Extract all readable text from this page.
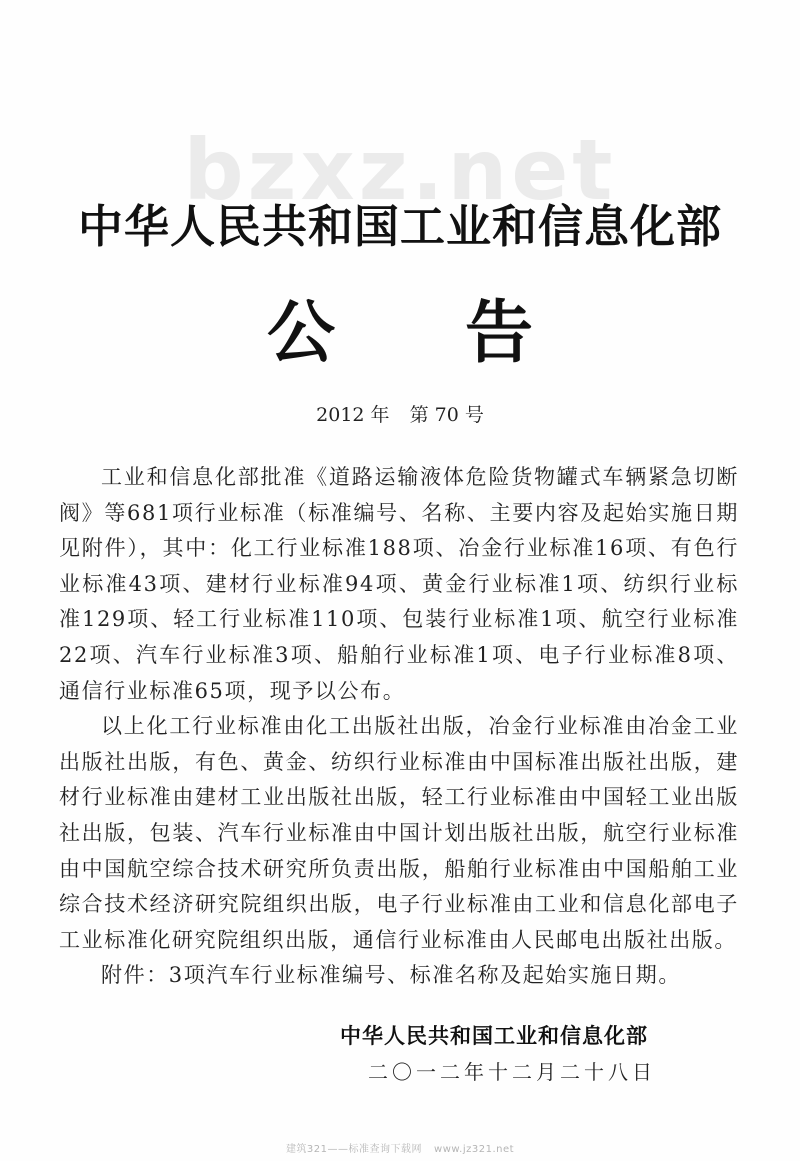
bzxz.net
中华人民共和国工业和信息化部
公告
2012 年 第 70 号

工业和信息化部批准《道路运输液体危险货物罐式车辆紧急切断阀》等681项行业标准（标准编号、名称、主要内容及起始实施日期见附件），其中：化工行业标准188项、冶金行业标准16项、有色行业标准43项、建材行业标准94项、黄金行业标准1项、纺织行业标准129项、轻工行业标准110项、包装行业标准1项、航空行业标准22项、汽车行业标准3项、船舶行业标准1项、电子行业标准8项、通信行业标准65项，现予以公布。

以上化工行业标准由化工出版社出版，冶金行业标准由冶金工业出版社出版，有色、黄金、纺织行业标准由中国标准出版社出版，建材行业标准由建材工业出版社出版，轻工行业标准由中国轻工业出版社出版，包装、汽车行业标准由中国计划出版社出版，航空行业标准由中国航空综合技术研究所负责出版，船舶行业标准由中国船舶工业综合技术经济研究院组织出版，电子行业标准由工业和信息化部电子工业标准化研究院组织出版，通信行业标准由人民邮电出版社出版。

附件：3项汽车行业标准编号、标准名称及起始实施日期。

中华人民共和国工业和信息化部
二〇一二年十二月二十八日
建筑321——标准查询下载网 www.jz321.net
